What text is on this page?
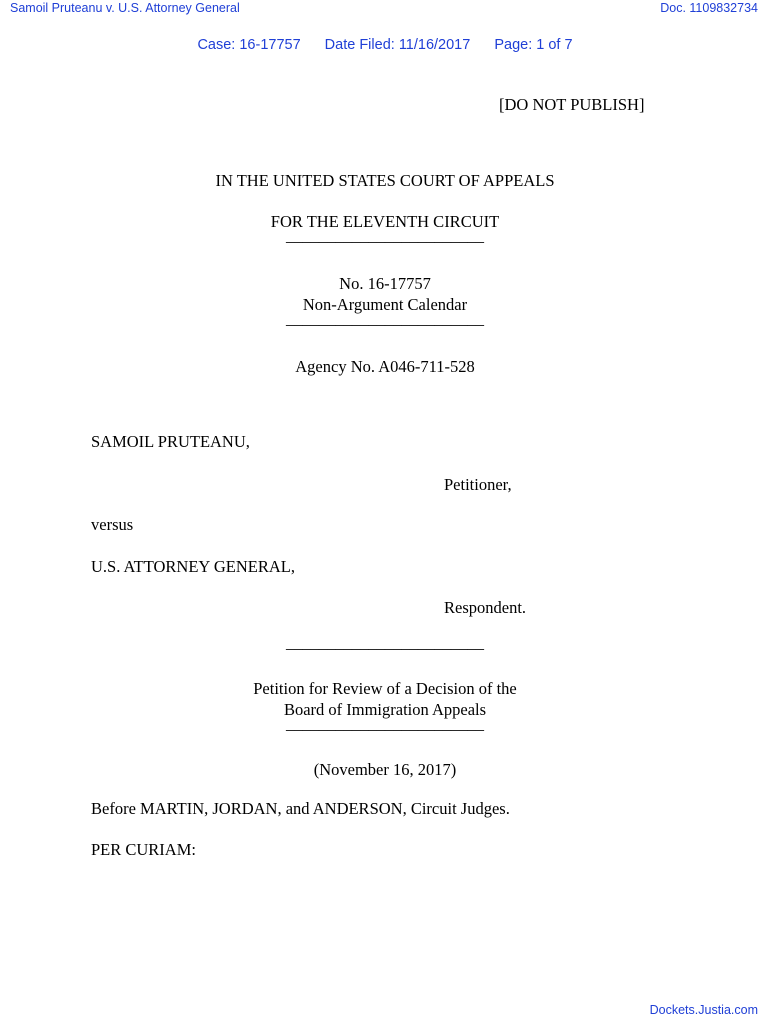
Samoil Pruteanu v. U.S. Attorney General	Doc. 1109832734
Case: 16-17757 Date Filed: 11/16/2017 Page: 1 of 7
[DO NOT PUBLISH]
IN THE UNITED STATES COURT OF APPEALS
FOR THE ELEVENTH CIRCUIT
________________________
No. 16-17757
Non-Argument Calendar
________________________
Agency No. A046-711-528
SAMOIL PRUTEANU,
Petitioner,
versus
U.S. ATTORNEY GENERAL,
Respondent.
________________________
Petition for Review of a Decision of the
Board of Immigration Appeals
________________________
(November 16, 2017)
Before MARTIN, JORDAN, and ANDERSON, Circuit Judges.
PER CURIAM:
Dockets.Justia.com
